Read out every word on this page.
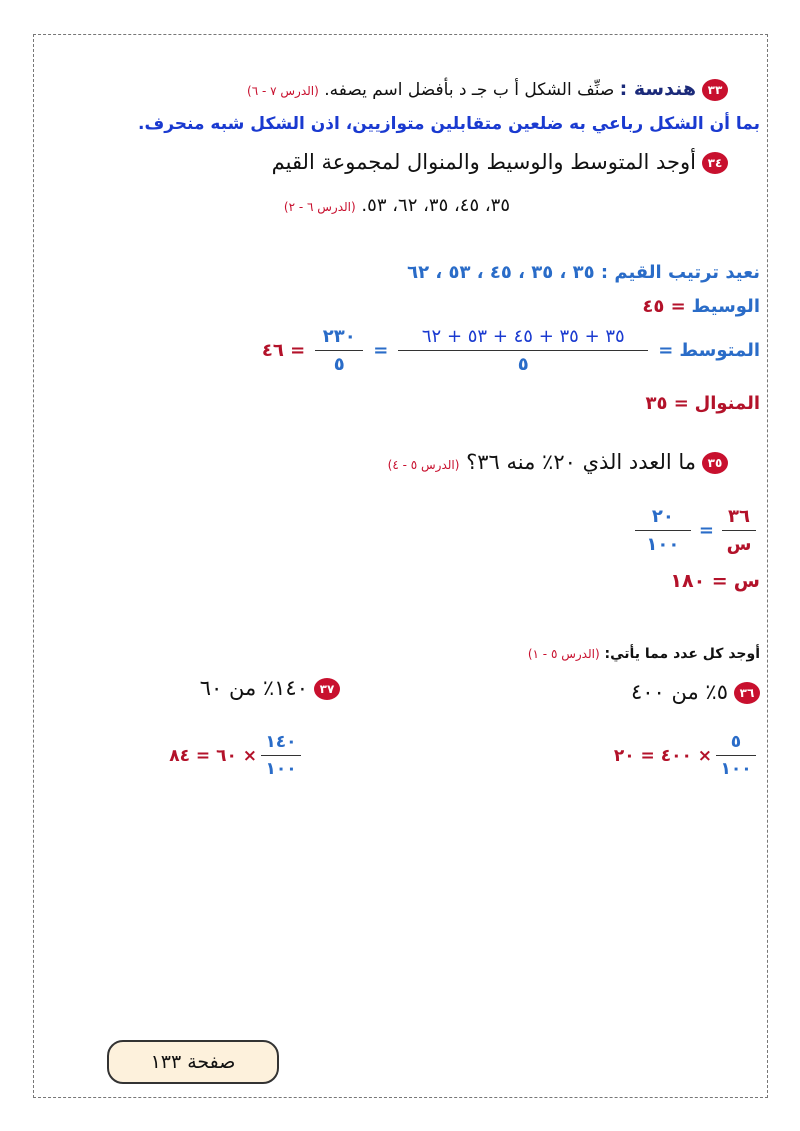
٣٣هندسة : صنِّف الشكل أ ب جـ د بأفضل اسم يصفه. (الدرس ٧ - ٦)
بما أن الشكل رباعي به ضلعين متقابلين متوازيين، اذن الشكل شبه منحرف.
٣٤أوجد المتوسط والوسيط والمنوال لمجموعة القيم
٣٥، ٤٥، ٣٥، ٦٢، ٥٣. (الدرس ٦ - ٢)
نعيد ترتيب القيم : ٣٥ ، ٣٥ ، ٤٥ ، ٥٣ ، ٦٢
الوسيط = ٤٥
المتوسط
=
$\frac{٣٥ + ٣٥ + ٤٥ + ٥٣ + ٦٢}{٥}$
=
$\frac{٢٣٠}{٥}$
= ٤٦
المنوال = ٣٥
٣٥ما العدد الذي ٢٠٪ منه ٣٦؟ (الدرس ٥ - ٤)
$\frac{٣٦}{\text{س}}$
=
$\frac{٢٠}{١٠٠}$
س = ١٨٠
أوجد كل عدد مما يأتي: (الدرس ٥ - ١)
٣٦٥٪ من ٤٠٠
$\frac{٥}{١٠٠}$
× ٤٠٠ = ٢٠
٣٧١٤٠٪ من ٦٠
$\frac{١٤٠}{١٠٠}$
× ٦٠ = ٨٤
صفحة ١٣٣
